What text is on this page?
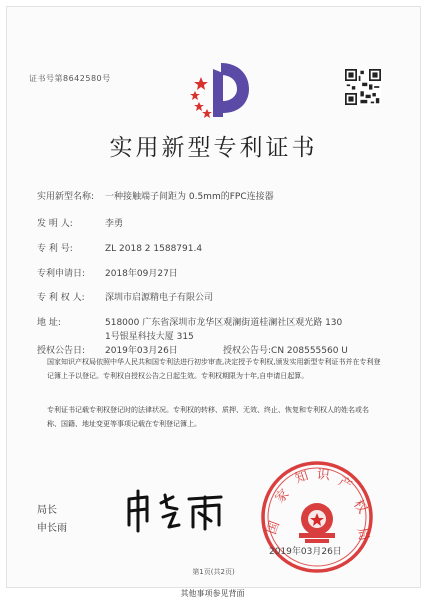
证书号第8642580号
实用新型专利证书
实用新型名称: 一种接触端子间距为 0.5mm的FPC连接器
发 明 人:	李勇
专 利 号:	ZL 2018 2 1588791.4
专利申请日: 2018年09月27日
专 利 权 人: 深圳市启源精电子有限公司
地 址:	518000 广东省深圳市龙华区观澜街道桂澜社区观光路 130
1号银星科技大厦 315
授权公告日: 2019年03月26日	授权公告号:CN 208555560 U
国家知识产权局依照中华人民共和国专利法进行初步审查,决定授予专利权,颁发实用新型专利证书并在专利登记簿上予以登记。专利权自授权公告之日起生效。专利权期限为十年,自申请日起算。
专利证书记载专利权登记时的法律状况。专利权的转移、质押、无效、终止、恢复和专利权人的姓名或名称、国籍、地址变更等事项记载在专利登记簿上。
局长
申长雨	国
家
知 识 产
权
局
2019年03月26日
第1页(共2页)
其他事项参见背面
